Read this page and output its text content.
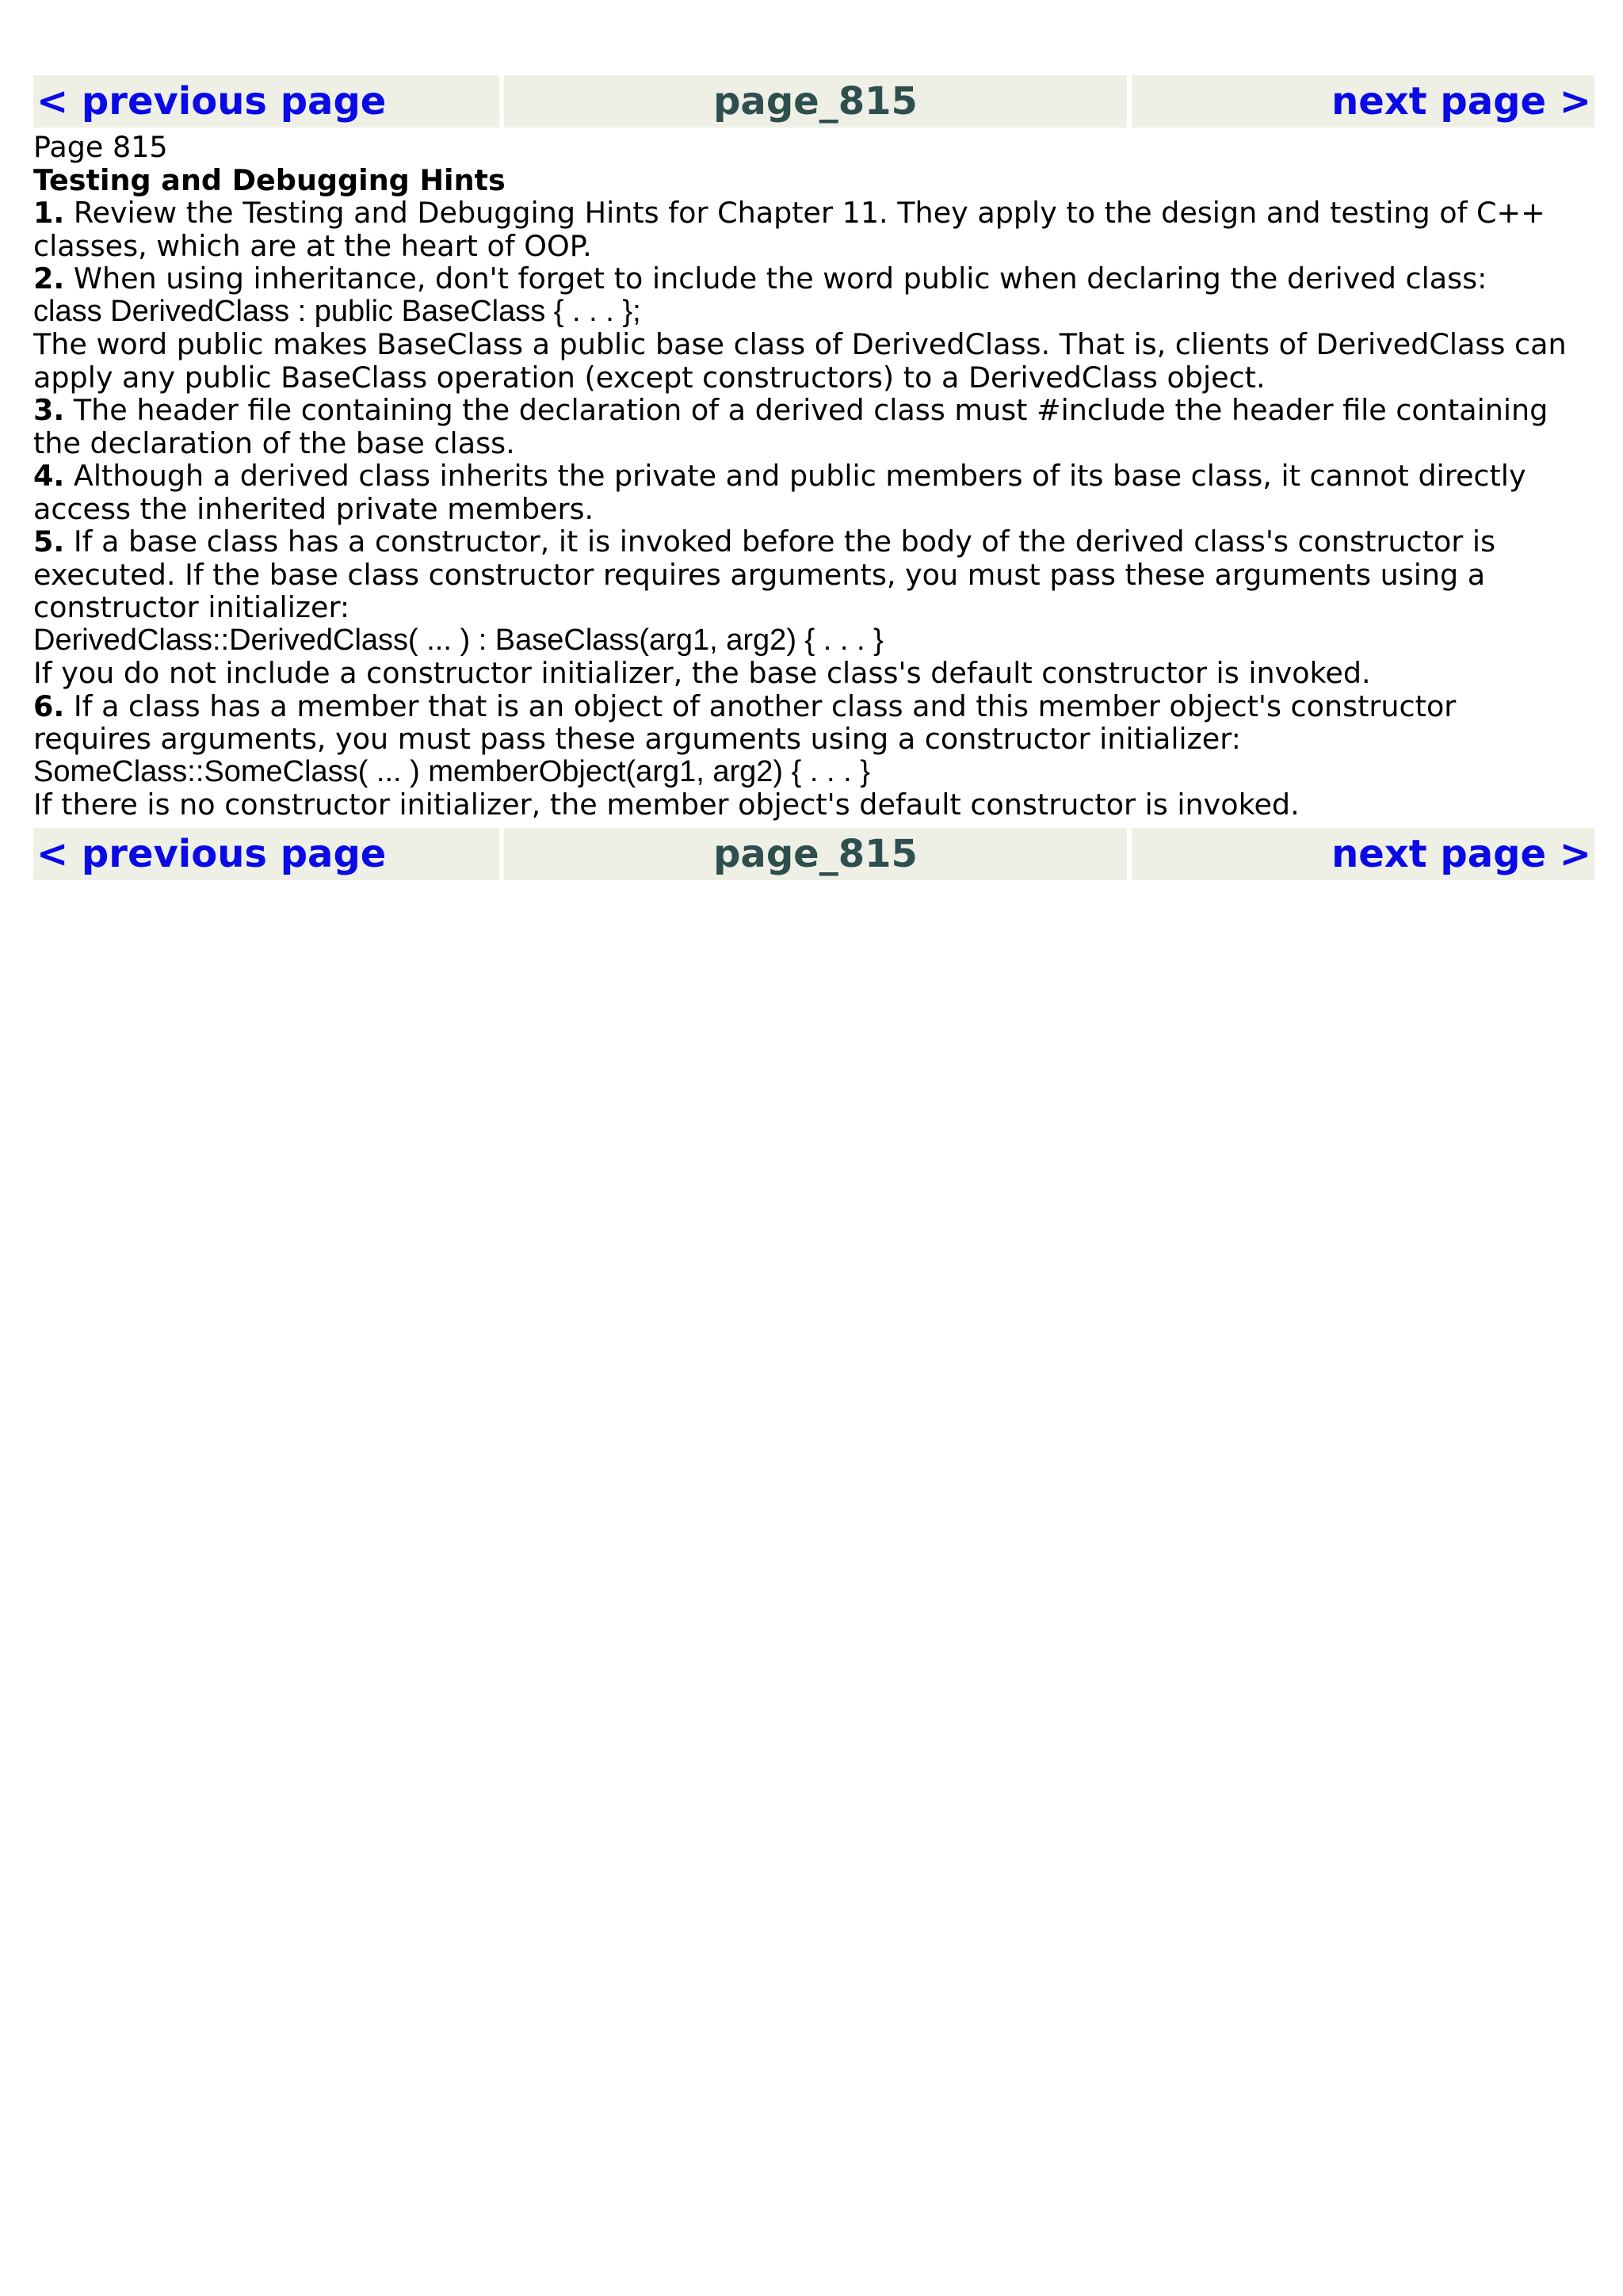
< previous page	page_815	next page >
Page 815
Testing and Debugging Hints
1. Review the Testing and Debugging Hints for Chapter 11. They apply to the design and testing of C++
classes, which are at the heart of OOP.
2. When using inheritance, don't forget to include the word public when declaring the derived class:
class DerivedClass : public BaseClass { . . . };
The word public makes BaseClass a public base class of DerivedClass. That is, clients of DerivedClass can
apply any public BaseClass operation (except constructors) to a DerivedClass object.
3. The header file containing the declaration of a derived class must #include the header file containing
the declaration of the base class.
4. Although a derived class inherits the private and public members of its base class, it cannot directly
access the inherited private members.
5. If a base class has a constructor, it is invoked before the body of the derived class's constructor is
executed. If the base class constructor requires arguments, you must pass these arguments using a
constructor initializer:
DerivedClass::DerivedClass( ... ) : BaseClass(arg1, arg2) { . . . }
If you do not include a constructor initializer, the base class's default constructor is invoked.
6. If a class has a member that is an object of another class and this member object's constructor
requires arguments, you must pass these arguments using a constructor initializer:
SomeClass::SomeClass( ... ) memberObject(arg1, arg2) { . . . }
If there is no constructor initializer, the member object's default constructor is invoked.
< previous page	page_815	next page >
